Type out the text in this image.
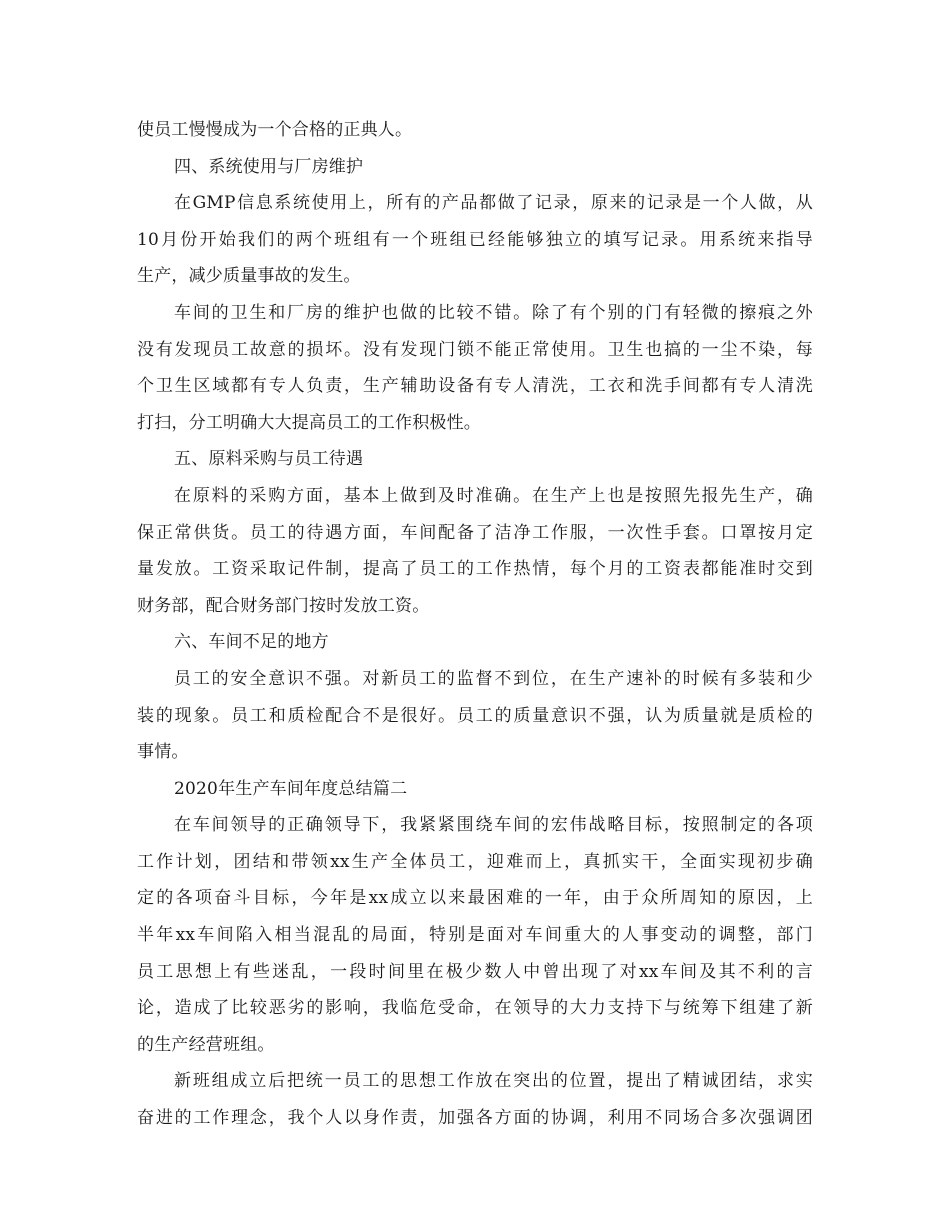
使员工慢慢成为一个合格的正典人。
四、系统使用与厂房维护
在GMP信息系统使用上，所有的产品都做了记录，原来的记录是一个人做，从
10月份开始我们的两个班组有一个班组已经能够独立的填写记录。用系统来指导
生产，减少质量事故的发生。
车间的卫生和厂房的维护也做的比较不错。除了有个别的门有轻微的擦痕之外
没有发现员工故意的损坏。没有发现门锁不能正常使用。卫生也搞的一尘不染，每
个卫生区域都有专人负责，生产辅助设备有专人清洗，工衣和洗手间都有专人清洗
打扫，分工明确大大提高员工的工作积极性。
五、原料采购与员工待遇
在原料的采购方面，基本上做到及时准确。在生产上也是按照先报先生产，确
保正常供货。员工的待遇方面，车间配备了洁净工作服，一次性手套。口罩按月定
量发放。工资采取记件制，提高了员工的工作热情，每个月的工资表都能准时交到
财务部，配合财务部门按时发放工资。
六、车间不足的地方
员工的安全意识不强。对新员工的监督不到位，在生产速补的时候有多装和少
装的现象。员工和质检配合不是很好。员工的质量意识不强，认为质量就是质检的
事情。
2020年生产车间年度总结篇二
在车间领导的正确领导下，我紧紧围绕车间的宏伟战略目标，按照制定的各项
工作计划，团结和带领xx生产全体员工，迎难而上，真抓实干，全面实现初步确
定的各项奋斗目标，今年是xx成立以来最困难的一年，由于众所周知的原因，上
半年xx车间陷入相当混乱的局面，特别是面对车间重大的人事变动的调整，部门
员工思想上有些迷乱，一段时间里在极少数人中曾出现了对xx车间及其不利的言
论，造成了比较恶劣的影响，我临危受命，在领导的大力支持下与统筹下组建了新
的生产经营班组。
新班组成立后把统一员工的思想工作放在突出的位置，提出了精诚团结，求实
奋进的工作理念，我个人以身作责，加强各方面的协调，利用不同场合多次强调团
